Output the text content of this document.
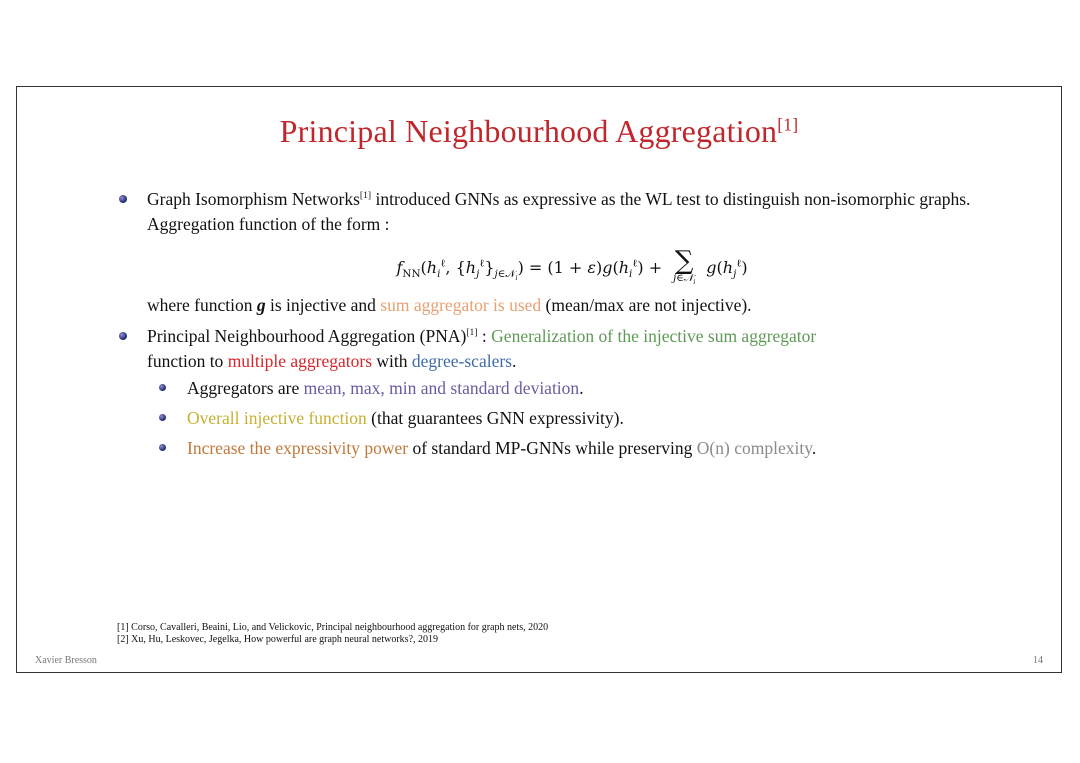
Principal Neighbourhood Aggregation[1]
Graph Isomorphism Networks[1] introduced GNNs as expressive as the WL test to distinguish non-isomorphic graphs. Aggregation function of the form :
$f_{NN}(h_i^\ell$, $\{h_j^\ell\}_{j\in 𝒩_i}) = (1 + \varepsilon)g(h_i^\ell)$ + ∑
j∈𝒩$_i$
$g(h_j^\ell)$
where function g is injective and sum aggregator is used (mean/max are not injective).
Principal Neighbourhood Aggregation (PNA)[1] : Generalization of the injective sum aggregator
function to multiple aggregators with degree-scalers.
Aggregators are mean, max, min and standard deviation.
Overall injective function (that guarantees GNN expressivity).
Increase the expressivity power of standard MP-GNNs while preserving O(n) complexity.
[1] Corso, Cavalleri, Beaini, Lio, and Velickovic, Principal neighbourhood aggregation for graph nets, 2020
[2] Xu, Hu, Leskovec, Jegelka, How powerful are graph neural networks?, 2019
Xavier Bresson	14
